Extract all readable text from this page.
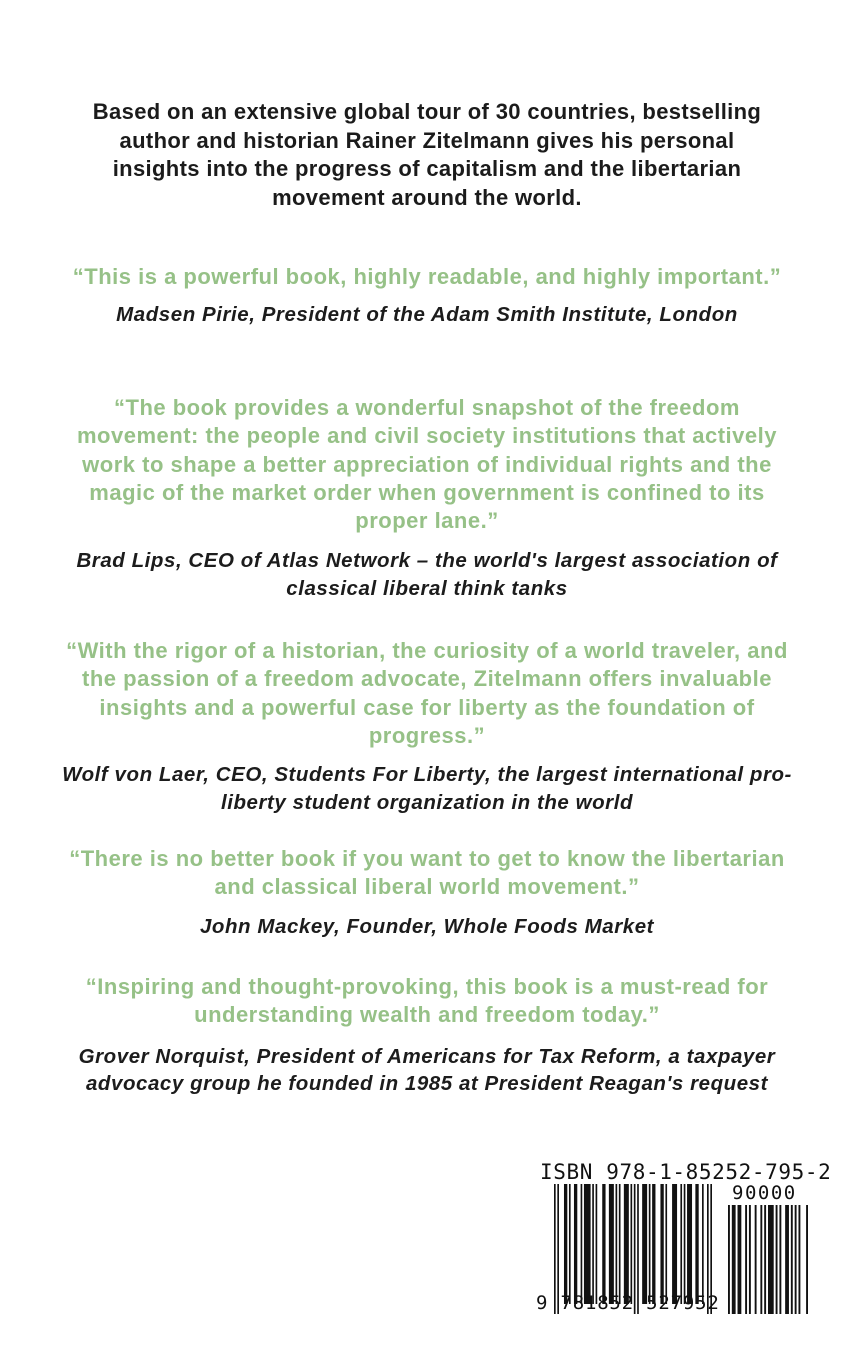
Based on an extensive global tour of 30 countries, bestselling author and historian Rainer Zitelmann gives his personal insights into the progress of capitalism and the libertarian movement around the world.

“This is a powerful book, highly readable, and highly important.”

Madsen Pirie, President of the Adam Smith Institute, London

“The book provides a wonderful snapshot of the freedom movement: the people and civil society institutions that actively work to shape a better appreciation of individual rights and the magic of the market order when government is confined to its proper lane.”

Brad Lips, CEO of Atlas Network – the world's largest association of classical liberal think tanks

“With the rigor of a historian, the curiosity of a world traveler, and the passion of a freedom advocate, Zitelmann offers invaluable insights and a powerful case for liberty as the foundation of progress.”

Wolf von Laer, CEO, Students For Liberty, the largest international pro-liberty student organization in the world

“There is no better book if you want to get to know the libertarian and classical liberal world movement.”

John Mackey, Founder, Whole Foods Market

“Inspiring and thought-provoking, this book is a must-read for understanding wealth and freedom today.”

Grover Norquist, President of Americans for Tax Reform, a taxpayer advocacy group he founded in 1985 at President Reagan's request

ISBN 978-1-85252-795-2
90000
9 781852 527952
